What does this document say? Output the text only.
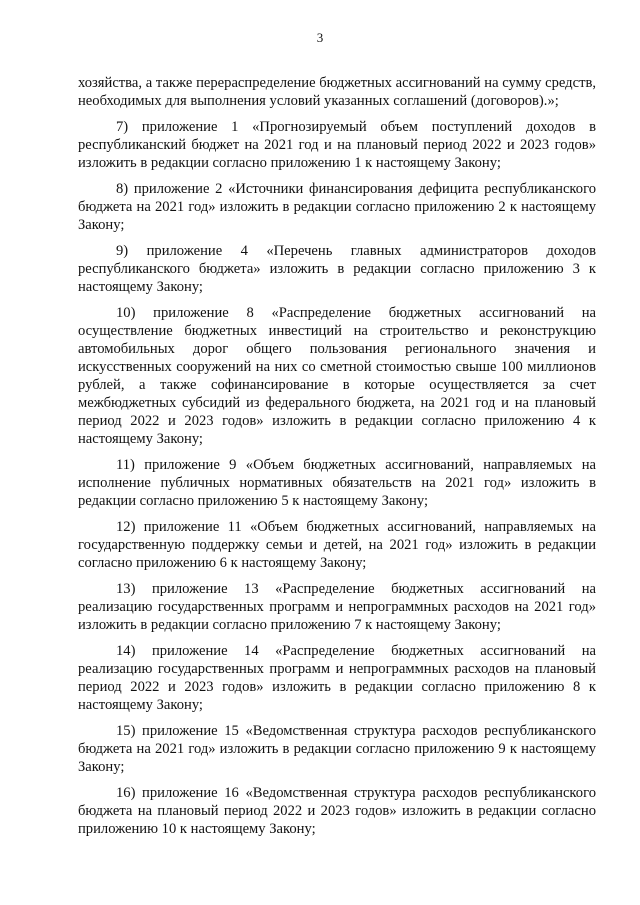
3

хозяйства, а также перераспределение бюджетных ассигнований на сумму средств, необходимых для выполнения условий указанных соглашений (договоров).»;

7) приложение 1 «Прогнозируемый объем поступлений доходов в республиканский бюджет на 2021 год и на плановый период 2022 и 2023 годов» изложить в редакции согласно приложению 1 к настоящему Закону;

8) приложение 2 «Источники финансирования дефицита республиканского бюджета на 2021 год» изложить в редакции согласно приложению 2 к настоящему Закону;

9) приложение 4 «Перечень главных администраторов доходов республиканского бюджета» изложить в редакции согласно приложению 3 к настоящему Закону;

10) приложение 8 «Распределение бюджетных ассигнований на осуществление бюджетных инвестиций на строительство и реконструкцию автомобильных дорог общего пользования регионального значения и искусственных сооружений на них со сметной стоимостью свыше 100 миллионов рублей, а также софинансирование в которые осуществляется за счет межбюджетных субсидий из федерального бюджета, на 2021 год и на плановый период 2022 и 2023 годов» изложить в редакции согласно приложению 4 к настоящему Закону;

11) приложение 9 «Объем бюджетных ассигнований, направляемых на исполнение публичных нормативных обязательств на 2021 год» изложить в редакции согласно приложению 5 к настоящему Закону;

12) приложение 11 «Объем бюджетных ассигнований, направляемых на государственную поддержку семьи и детей, на 2021 год» изложить в редакции согласно приложению 6 к настоящему Закону;

13) приложение 13 «Распределение бюджетных ассигнований на реализацию государственных программ и непрограммных расходов на 2021 год» изложить в редакции согласно приложению 7 к настоящему Закону;

14) приложение 14 «Распределение бюджетных ассигнований на реализацию государственных программ и непрограммных расходов на плановый период 2022 и 2023 годов» изложить в редакции согласно приложению 8 к настоящему Закону;

15) приложение 15 «Ведомственная структура расходов республиканского бюджета на 2021 год» изложить в редакции согласно приложению 9 к настоящему Закону;

16) приложение 16 «Ведомственная структура расходов республиканского бюджета на плановый период 2022 и 2023 годов» изложить в редакции согласно приложению 10 к настоящему Закону;
